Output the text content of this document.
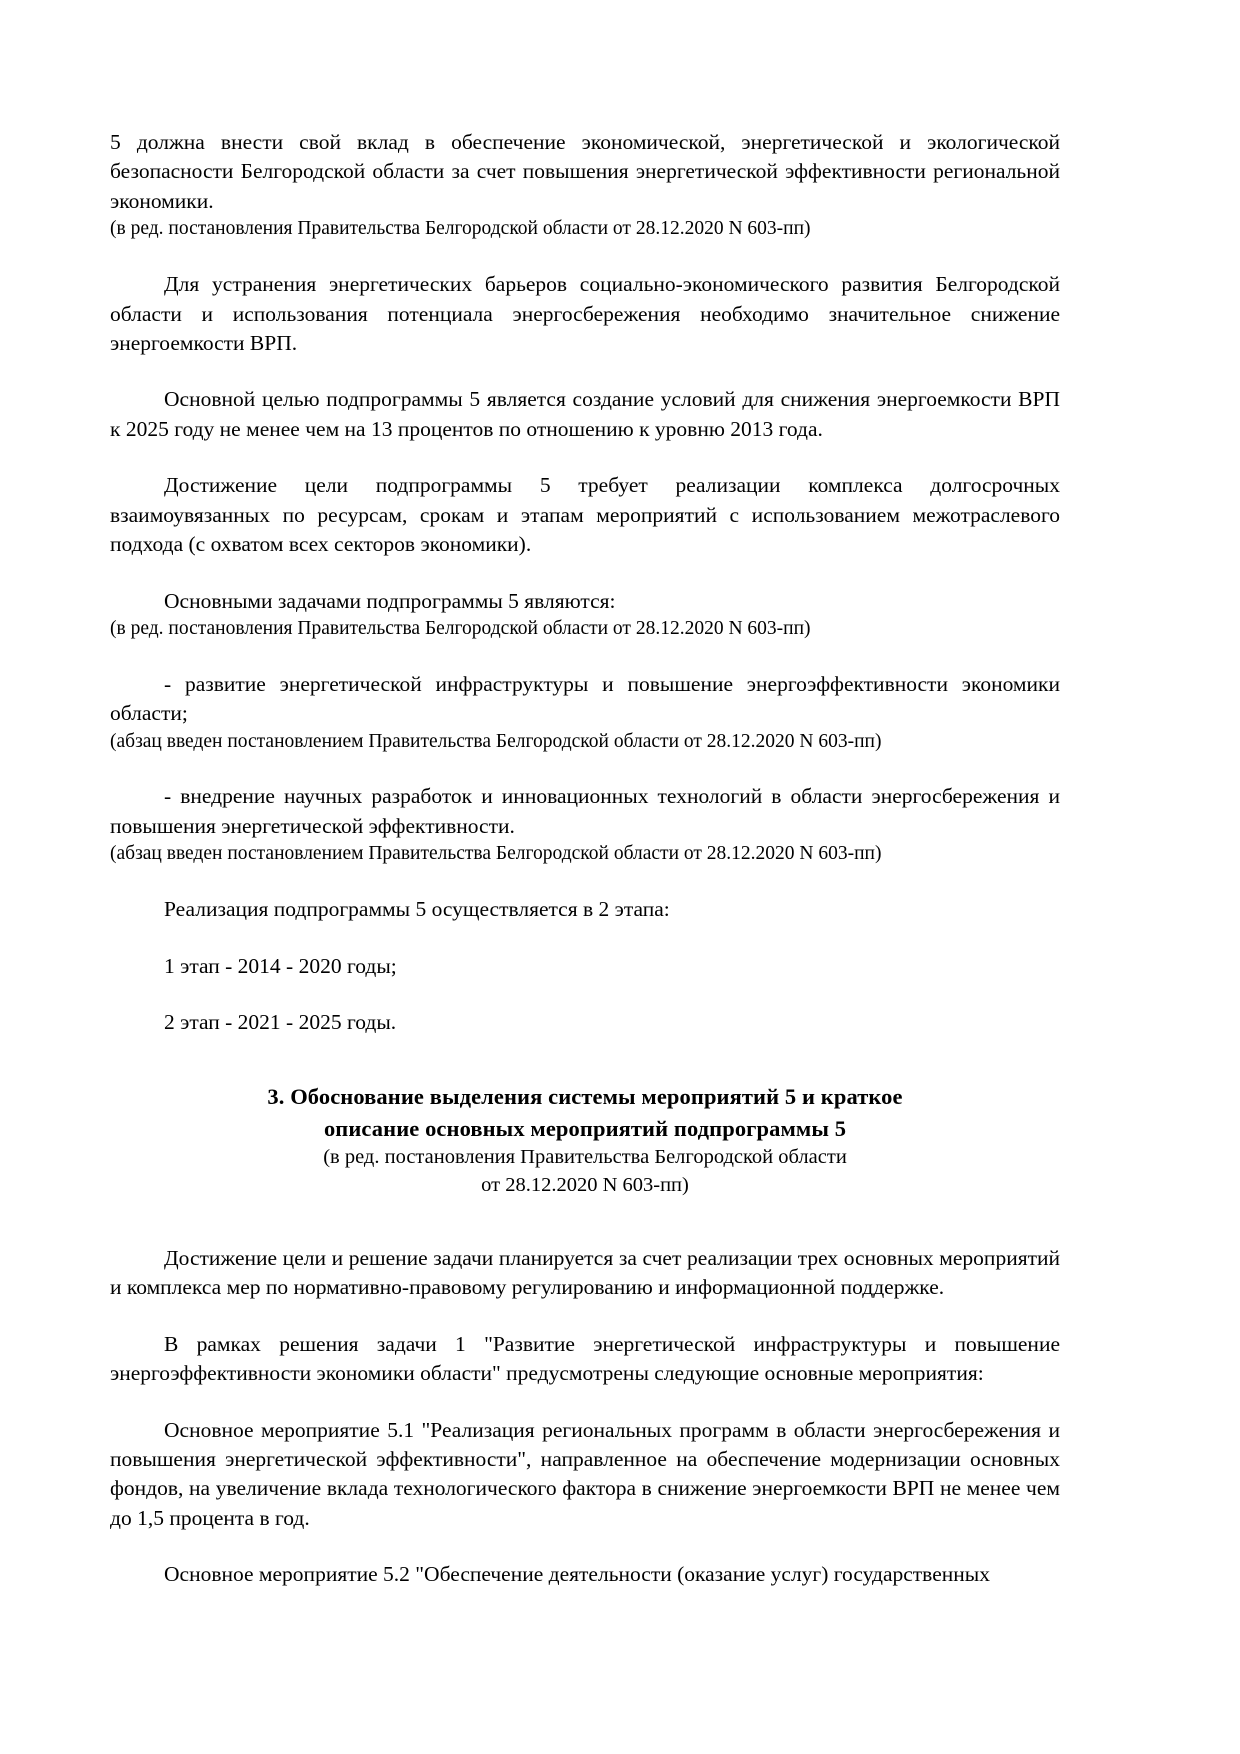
5 должна внести свой вклад в обеспечение экономической, энергетической и экологической безопасности Белгородской области за счет повышения энергетической эффективности региональной экономики.

(в ред. постановления Правительства Белгородской области от 28.12.2020 N 603-пп)

Для устранения энергетических барьеров социально-экономического развития Белгородской области и использования потенциала энергосбережения необходимо значительное снижение энергоемкости ВРП.

Основной целью подпрограммы 5 является создание условий для снижения энергоемкости ВРП к 2025 году не менее чем на 13 процентов по отношению к уровню 2013 года.

Достижение цели подпрограммы 5 требует реализации комплекса долгосрочных взаимоувязанных по ресурсам, срокам и этапам мероприятий с использованием межотраслевого подхода (с охватом всех секторов экономики).

Основными задачами подпрограммы 5 являются:

(в ред. постановления Правительства Белгородской области от 28.12.2020 N 603-пп)

- развитие энергетической инфраструктуры и повышение энергоэффективности экономики области;

(абзац введен постановлением Правительства Белгородской области от 28.12.2020 N 603-пп)

- внедрение научных разработок и инновационных технологий в области энергосбережения и повышения энергетической эффективности.

(абзац введен постановлением Правительства Белгородской области от 28.12.2020 N 603-пп)

Реализация подпрограммы 5 осуществляется в 2 этапа:

1 этап - 2014 - 2020 годы;

2 этап - 2021 - 2025 годы.

3. Обоснование выделения системы мероприятий 5 и краткое

описание основных мероприятий подпрограммы 5

(в ред. постановления Правительства Белгородской области

от 28.12.2020 N 603-пп)

Достижение цели и решение задачи планируется за счет реализации трех основных мероприятий и комплекса мер по нормативно-правовому регулированию и информационной поддержке.

В рамках решения задачи 1 "Развитие энергетической инфраструктуры и повышение энергоэффективности экономики области" предусмотрены следующие основные мероприятия:

Основное мероприятие 5.1 "Реализация региональных программ в области энергосбережения и повышения энергетической эффективности", направленное на обеспечение модернизации основных фондов, на увеличение вклада технологического фактора в снижение энергоемкости ВРП не менее чем до 1,5 процента в год.

Основное мероприятие 5.2 "Обеспечение деятельности (оказание услуг) государственных
